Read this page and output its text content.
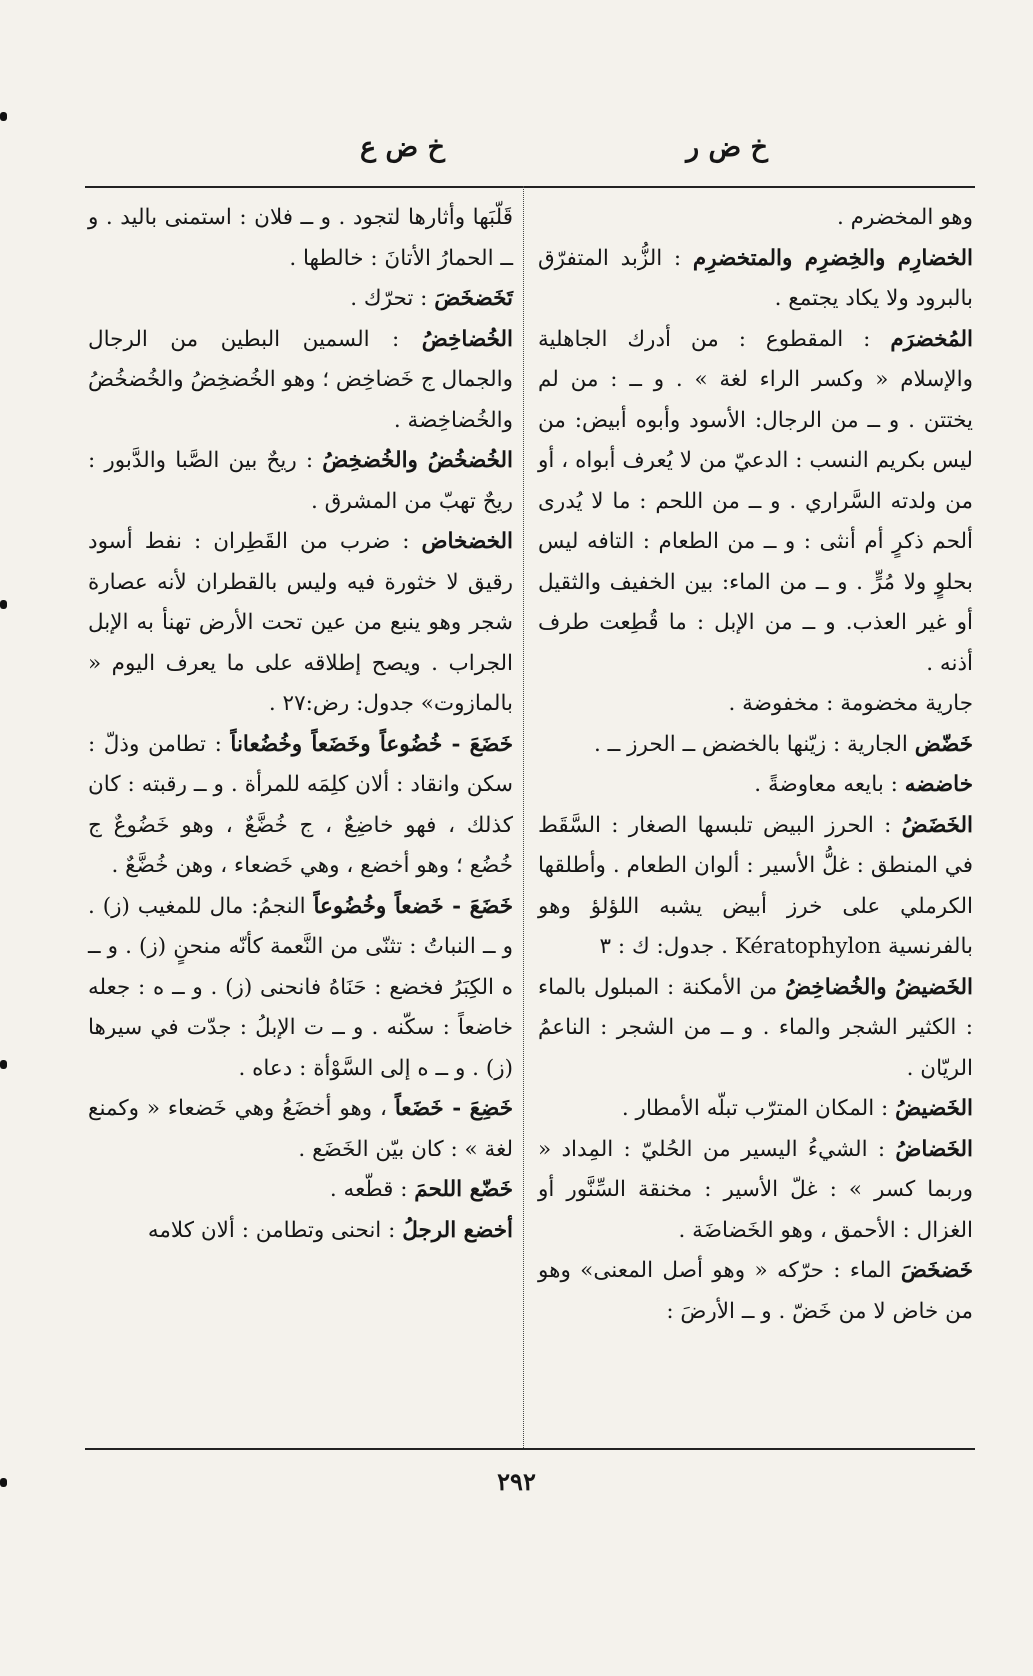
خ ض ر
خ ض ع

وهو المخضرم .

الخضارِم والخِضرِم والمتخضرِم : الزُّبد المتفرّق بالبرود ولا يكاد يجتمع .

المُخضرَم : المقطوع : من أدرك الجاهلية والإسلام « وكسر الراء لغة » . و ــ : من لم يختتن . و ــ من الرجال: الأسود وأبوه أبيض: من ليس بكريم النسب : الدعيّ من لا يُعرف أبواه ، أو من ولدته السَّراري . و ــ من اللحم : ما لا يُدرى ألحم ذكرٍ أم أنثى : و ــ من الطعام : التافه ليس بحلوٍ ولا مُرٍّ . و ــ من الماء: بين الخفيف والثقيل أو غير العذب. و ــ من الإبل : ما قُطِعت طرف أذنه .

جارية مخضومة : مخفوضة .

خَضّض الجارية : زيّنها بالخضض ــ الحرز ــ .

خاضضه : بايعه معاوضةً .

الخَضَضُ : الحرز البيض تلبسها الصغار : السَّقَط في المنطق : غلُّ الأسير : ألوان الطعام . وأطلقها الكرملي على خرز أبيض يشبه اللؤلؤ وهو بالفرنسية Kératophylon . جدول: ك : ٣

الخَضيضُ والخُضاخِضُ من الأمكنة : المبلول بالماء : الكثير الشجر والماء . و ــ من الشجر : الناعمُ الريّان .

الخَضيضُ : المكان المترّب تبلّه الأمطار .

الخَضاضُ : الشيءُ اليسير من الحُليّ : المِداد « وربما كسر » : غلّ الأسير : مخنقة السِّنَّور أو الغزال : الأحمق ، وهو الخَضاضَة .

خَضخَضَ الماء : حرّكه « وهو أصل المعنى» وهو من خاض لا من خَضّ . و ــ الأرضَ :

قَلّبَها وأثارها لتجود . و ــ فلان : استمنى باليد . و ــ الحمارُ الأتانَ : خالطها .

تَخَضخَضَ : تحرّك .

الخُضاخِضُ : السمين البطين من الرجال والجمال ج خَضاخِض ؛ وهو الخُضخِضُ والخُضخُضُ والخُضاخِضة .

الخُضخُضُ والخُضخِضُ : ريحٌ بين الصَّبا والدَّبور : ريحٌ تهبّ من المشرق .

الخضخاض : ضرب من القَطِران : نفط أسود رقيق لا خثورة فيه وليس بالقطران لأنه عصارة شجر وهو ينبع من عين تحت الأرض تهنأ به الإبل الجراب . ويصح إطلاقه على ما يعرف اليوم « بالمازوت» جدول: رض:٢٧ .

خَضَعَ - خُضُوعاً وخَضَعاً وخُضُعاناً : تطامن وذلّ : سكن وانقاد : ألان كلِمَه للمرأة . و ــ رقبته : كان كذلك ، فهو خاضِعٌ ، ج خُضَّعٌ ، وهو خَضُوعٌ ج خُضُع ؛ وهو أخضع ، وهي خَضعاء ، وهن خُضَّعٌ .

خَضَعَ - خَضعاً وخُضُوعاً النجمُ: مال للمغيب (ز) . و ــ النباتُ : تثنّى من النَّعمة كأنّه منحنٍ (ز) . و ــ ه الكِبَرُ فخضع : حَنَاهُ فانحنى (ز) . و ــ ه : جعله خاضعاً : سكّنه . و ــ ت الإبلُ : جدّت في سيرها (ز) . و ــ ه إلى السَّوْأة : دعاه .

خَضِعَ - خَضَعاً ، وهو أخضَعُ وهي خَضعاء « وكمنع لغة » : كان بيّن الخَضَع .

خَضّع اللحمَ : قطّعه .

أخضع الرجلُ : انحنى وتطامن : ألان كلامه

٢٩٢
